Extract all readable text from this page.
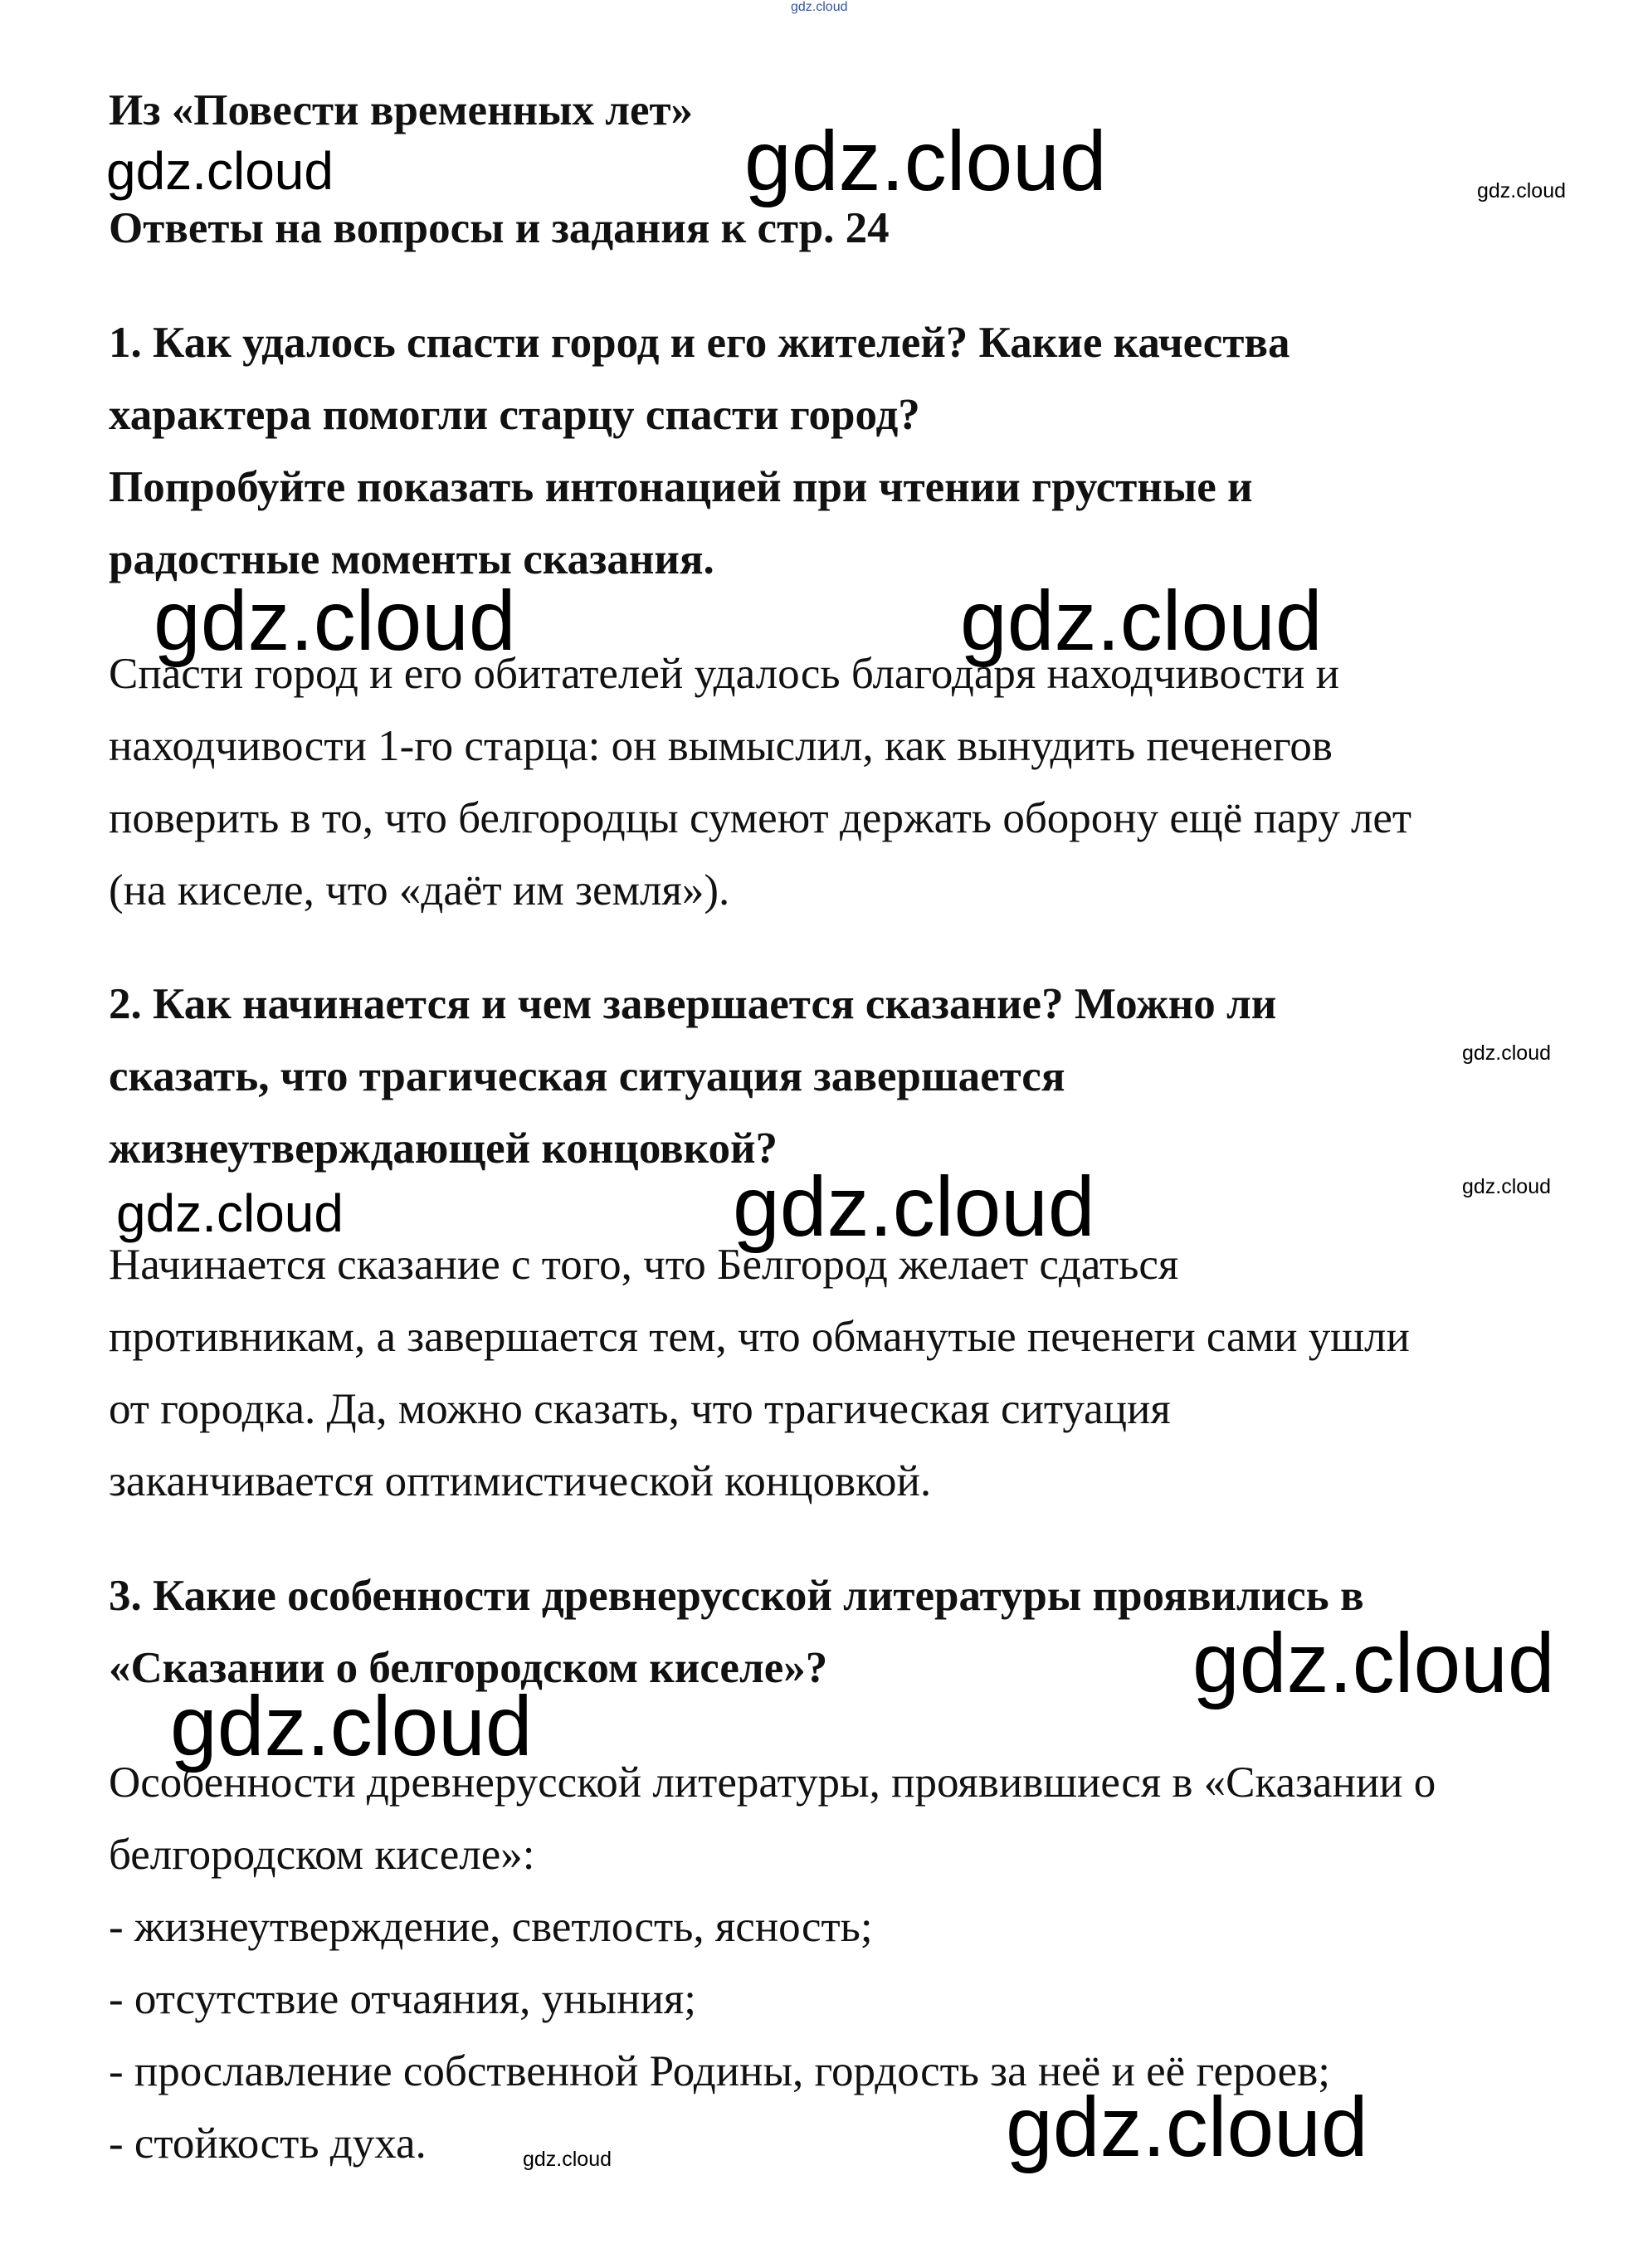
Из «Повести временных лет»
Ответы на вопросы и задания к стр. 24
1. Как удалось спасти город и его жителей? Какие качества
характера помогли старцу спасти город?
Попробуйте показать интонацией при чтении грустные и
радостные моменты сказания.
Спасти город и его обитателей удалось благодаря находчивости и
находчивости 1-го старца: он вымыслил, как вынудить печенегов
поверить в то, что белгородцы сумеют держать оборону ещё пару лет
(на киселе, что «даёт им земля»).
2. Как начинается и чем завершается сказание? Можно ли
сказать, что трагическая ситуация завершается
жизнеутверждающей концовкой?
Начинается сказание с того, что Белгород желает сдаться
противникам, а завершается тем, что обманутые печенеги сами ушли
от городка. Да, можно сказать, что трагическая ситуация
заканчивается оптимистической концовкой.
3. Какие особенности древнерусской литературы проявились в
«Сказании о белгородском киселе»?
Особенности древнерусской литературы, проявившиеся в «Сказании о
белгородском киселе»:
- жизнеутверждение, светлость, ясность;
- отсутствие отчаяния, уныния;
- прославление собственной Родины, гордость за неё и её героев;
- стойкость духа.
gdz.cloud
gdz.cloud	gdz.cloud	gdz.cloud
gdz.cloud	gdz.cloud
gdz.cloud
gdz.cloud
gdz.cloud	gdz.cloud
gdz.cloud
gdz.cloud
gdz.cloud
gdz.cloud
